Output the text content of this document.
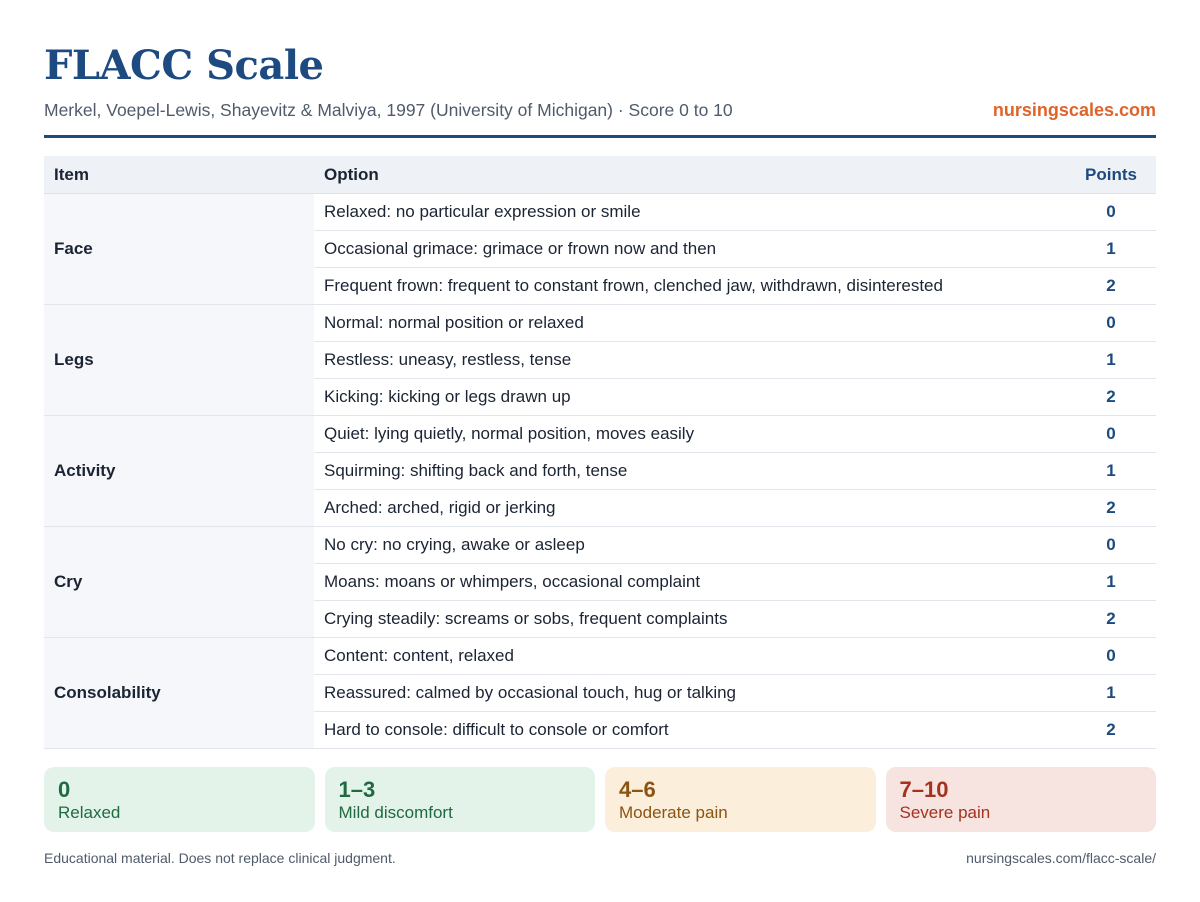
FLACC Scale
Merkel, Voepel-Lewis, Shayevitz & Malviya, 1997 (University of Michigan) · Score 0 to 10	nursingscales.com
Item	Option	Points
Face	Relaxed: no particular expression or smile	0
	Occasional grimace: grimace or frown now and then	1
	Frequent frown: frequent to constant frown, clenched jaw, withdrawn, disinterested	2
Legs	Normal: normal position or relaxed	0
	Restless: uneasy, restless, tense	1
	Kicking: kicking or legs drawn up	2
Activity	Quiet: lying quietly, normal position, moves easily	0
	Squirming: shifting back and forth, tense	1
	Arched: arched, rigid or jerking	2
Cry	No cry: no crying, awake or asleep	0
	Moans: moans or whimpers, occasional complaint	1
	Crying steadily: screams or sobs, frequent complaints	2
Consolability	Content: content, relaxed	0
	Reassured: calmed by occasional touch, hug or talking	1
	Hard to console: difficult to console or comfort	2
0
Relaxed
1–3
Mild discomfort
4–6
Moderate pain
7–10
Severe pain
Educational material. Does not replace clinical judgment.	nursingscales.com/flacc-scale/
